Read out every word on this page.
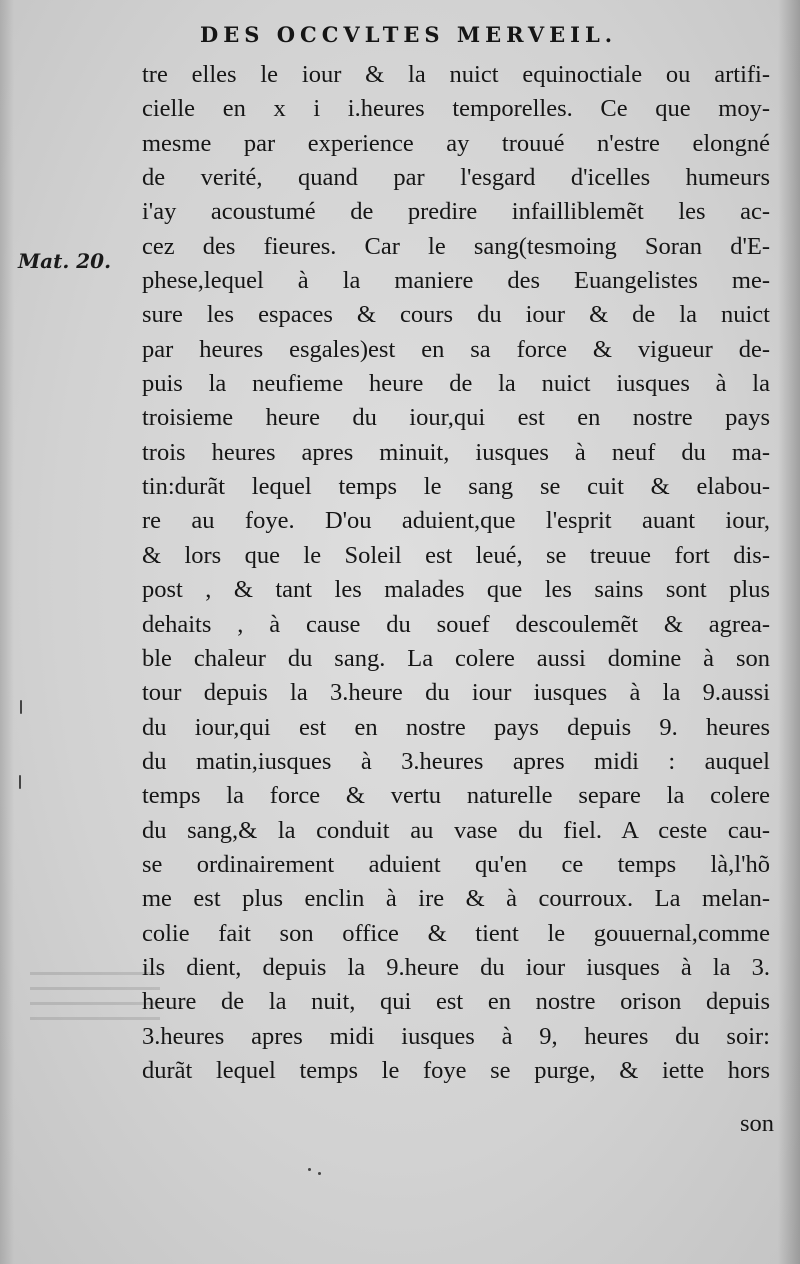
DES OCCVLTES MERVEIL.
Mat. 20.
tre elles le iour & la nuict equinoctiale ou artifi-
cielle en x i i.heures temporelles. Ce que moy-
mesme par experience ay trouué n'estre elongné
de verité, quand par l'esgard d'icelles humeurs
i'ay acoustumé de predire infailliblemẽt les ac-
cez des fieures. Car le sang(tesmoing Soran d'E-
phese,lequel à la maniere des Euangelistes me-
sure les espaces & cours du iour & de la nuict
par heures esgales)est en sa force & vigueur de-
puis la neufieme heure de la nuict iusques à la
troisieme heure du iour,qui est en nostre pays
trois heures apres minuit, iusques à neuf du ma-
tin:durãt lequel temps le sang se cuit & elabou-
re au foye. D'ou aduient,que l'esprit auant iour,
& lors que le Soleil est leué, se treuue fort dis-
post , & tant les malades que les sains sont plus
dehaits , à cause du souef descoulemẽt & agrea-
ble chaleur du sang. La colere aussi domine à son
tour depuis la 3.heure du iour iusques à la 9.aussi
du iour,qui est en nostre pays depuis 9. heures
du matin,iusques à 3.heures apres midi : auquel
temps la force & vertu naturelle separe la colere
du sang,& la conduit au vase du fiel. A ceste cau-
se ordinairement aduient qu'en ce temps là,l'hõ
me est plus enclin à ire & à courroux. La melan-
colie fait son office & tient le gouuernal,comme
ils dient, depuis la 9.heure du iour iusques à la 3.
heure de la nuit, qui est en nostre orison depuis
3.heures apres midi iusques à 9, heures du soir:
durãt lequel temps le foye se purge, & iette hors
son
